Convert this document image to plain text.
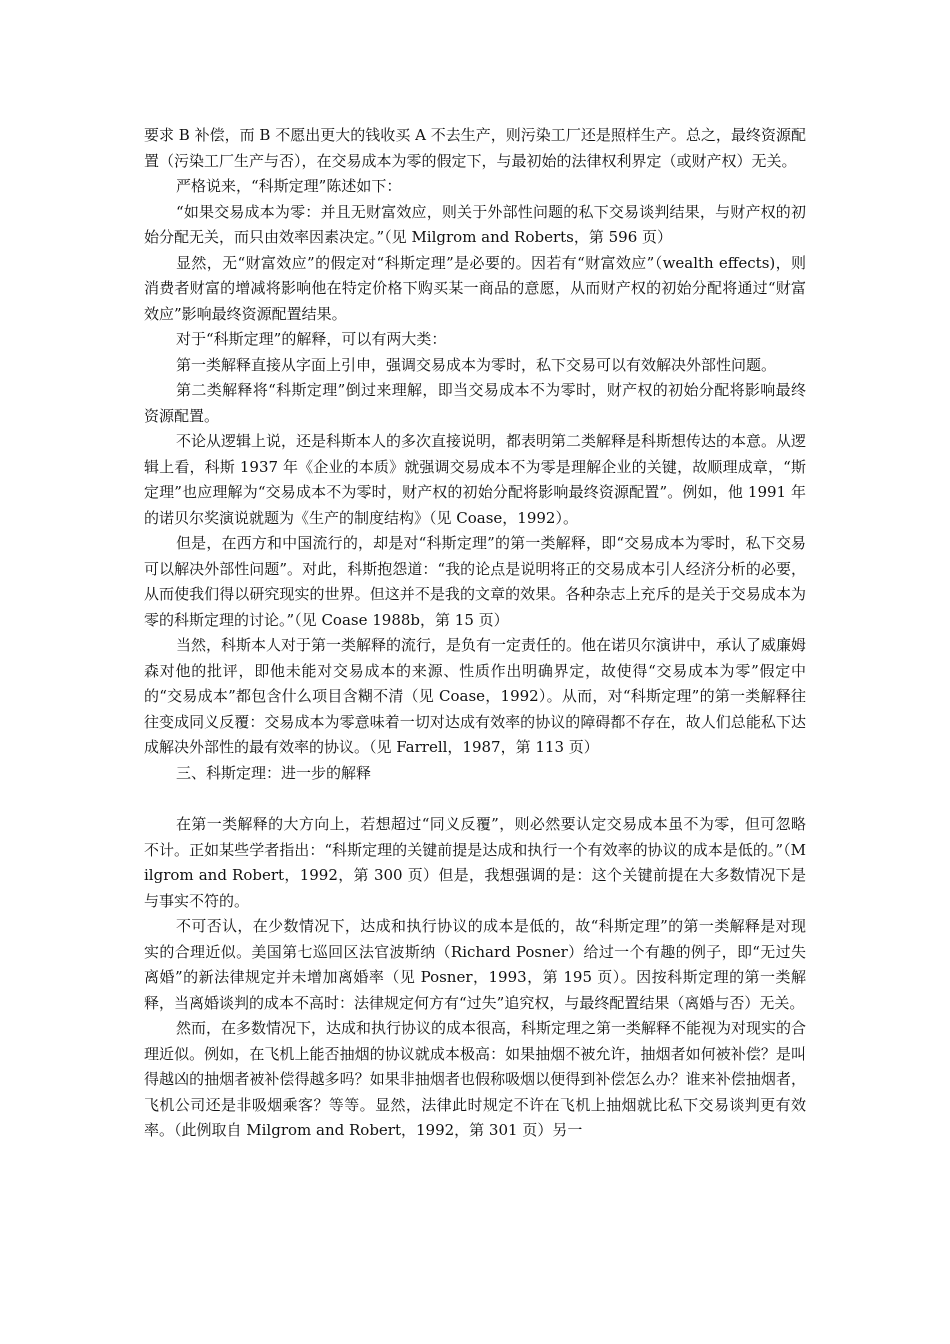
要求 B 补偿，而 B 不愿出更大的钱收买 A 不去生产，则污染工厂还是照样生产。总之，最终资源配置（污染工厂生产与否），在交易成本为零的假定下，与最初始的法律权利界定（或财产权）无关。

严格说来，“科斯定理”陈述如下：

“如果交易成本为零：并且无财富效应，则关于外部性问题的私下交易谈判结果，与财产权的初始分配无关，而只由效率因素决定。”（见 Milgrom and Roberts，第 596 页）

显然，无“财富效应”的假定对“科斯定理”是必要的。因若有“财富效应”（wealth effects)，则消费者财富的增减将影响他在特定价格下购买某一商品的意愿，从而财产权的初始分配将通过“财富效应”影响最终资源配置结果。

对于“科斯定理”的解释，可以有两大类：

第一类解释直接从字面上引申，强调交易成本为零时，私下交易可以有效解决外部性问题。

第二类解释将“科斯定理”倒过来理解，即当交易成本不为零时，财产权的初始分配将影响最终资源配置。

不论从逻辑上说，还是科斯本人的多次直接说明，都表明第二类解释是科斯想传达的本意。从逻辑上看，科斯 1937 年《企业的本质》就强调交易成本不为零是理解企业的关键，故顺理成章，“斯定理”也应理解为“交易成本不为零时，财产权的初始分配将影响最终资源配置”。例如，他 1991 年的诺贝尔奖演说就题为《生产的制度结构》（见 Coase，1992）。

但是，在西方和中国流行的，却是对“科斯定理”的第一类解释，即“交易成本为零时，私下交易可以解决外部性问题”。对此，科斯抱怨道：“我的论点是说明将正的交易成本引人经济分析的必要，从而使我们得以研究现实的世界。但这并不是我的文章的效果。各种杂志上充斥的是关于交易成本为零的科斯定理的讨论。”（见 Coase 1988b，第 15 页）

当然，科斯本人对于第一类解释的流行，是负有一定责任的。他在诺贝尔演讲中，承认了威廉姆森对他的批评，即他未能对交易成本的来源、性质作出明确界定，故使得“交易成本为零”假定中的“交易成本”都包含什么项目含糊不清（见 Coase，1992）。从而，对“科斯定理”的第一类解释往往变成同义反覆：交易成本为零意味着一切对达成有效率的协议的障碍都不存在，故人们总能私下达成解决外部性的最有效率的协议。（见 Farrell，1987，第 113 页）

三、科斯定理：进一步的解释

在第一类解释的大方向上，若想超过“同义反覆”，则必然要认定交易成本虽不为零，但可忽略不计。正如某些学者指出：“科斯定理的关键前提是达成和执行一个有效率的协议的成本是低的。”（Milgrom and Robert，1992，第 300 页）但是，我想强调的是：这个关键前提在大多数情况下是与事实不符的。

不可否认，在少数情况下，达成和执行协议的成本是低的，故“科斯定理”的第一类解释是对现实的合理近似。美国第七巡回区法官波斯纳（Richard Posner）给过一个有趣的例子，即“无过失离婚”的新法律规定并未增加离婚率（见 Posner，1993，第 195 页）。因按科斯定理的第一类解释，当离婚谈判的成本不高时：法律规定何方有“过失”追究权，与最终配置结果（离婚与否）无关。

然而，在多数情况下，达成和执行协议的成本很高，科斯定理之第一类解释不能视为对现实的合理近似。例如，在飞机上能否抽烟的协议就成本极高：如果抽烟不被允许，抽烟者如何被补偿？是叫得越凶的抽烟者被补偿得越多吗？如果非抽烟者也假称吸烟以便得到补偿怎么办？谁来补偿抽烟者，飞机公司还是非吸烟乘客？等等。显然，法律此时规定不许在飞机上抽烟就比私下交易谈判更有效率。（此例取自 Milgrom and Robert，1992，第 301 页）另一
